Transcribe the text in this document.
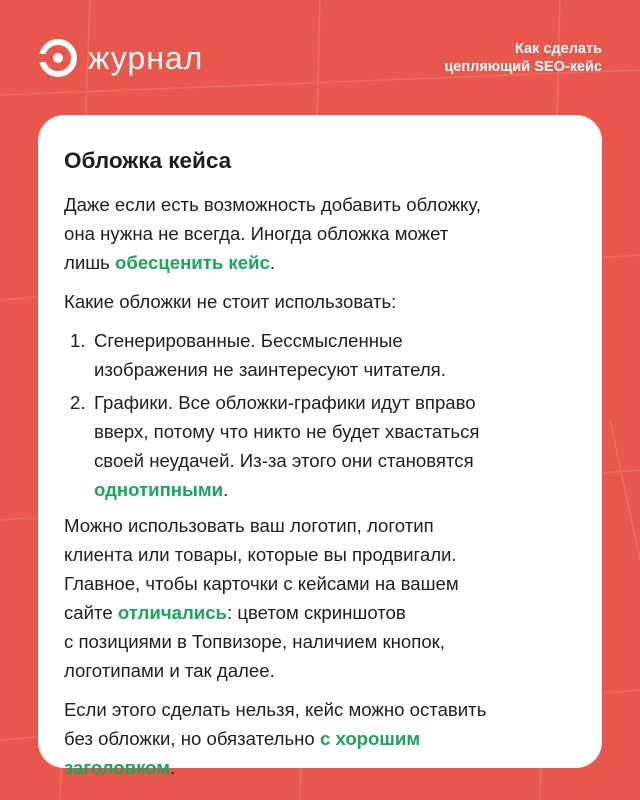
журнал	Как сделать
цепляющий SEO-кейс
Обложка кейса

Даже если есть возможность добавить обложку,
она нужна не всегда. Иногда обложка может
лишь обесценить кейс.

Какие обложки не стоит использовать:

1. Сгенерированные. Бессмысленные
изображения не заинтересуют читателя.
2. Графики. Все обложки-графики идут вправо
вверх, потому что никто не будет хвастаться
своей неудачей. Из-за этого они становятся
однотипными.

Можно использовать ваш логотип, логотип
клиента или товары, которые вы продвигали.
Главное, чтобы карточки с кейсами на вашем
сайте отличались: цветом скриншотов
с позициями в Топвизоре, наличием кнопок,
логотипами и так далее.

Если этого сделать нельзя, кейс можно оставить
без обложки, но обязательно с хорошим
заголовком.
